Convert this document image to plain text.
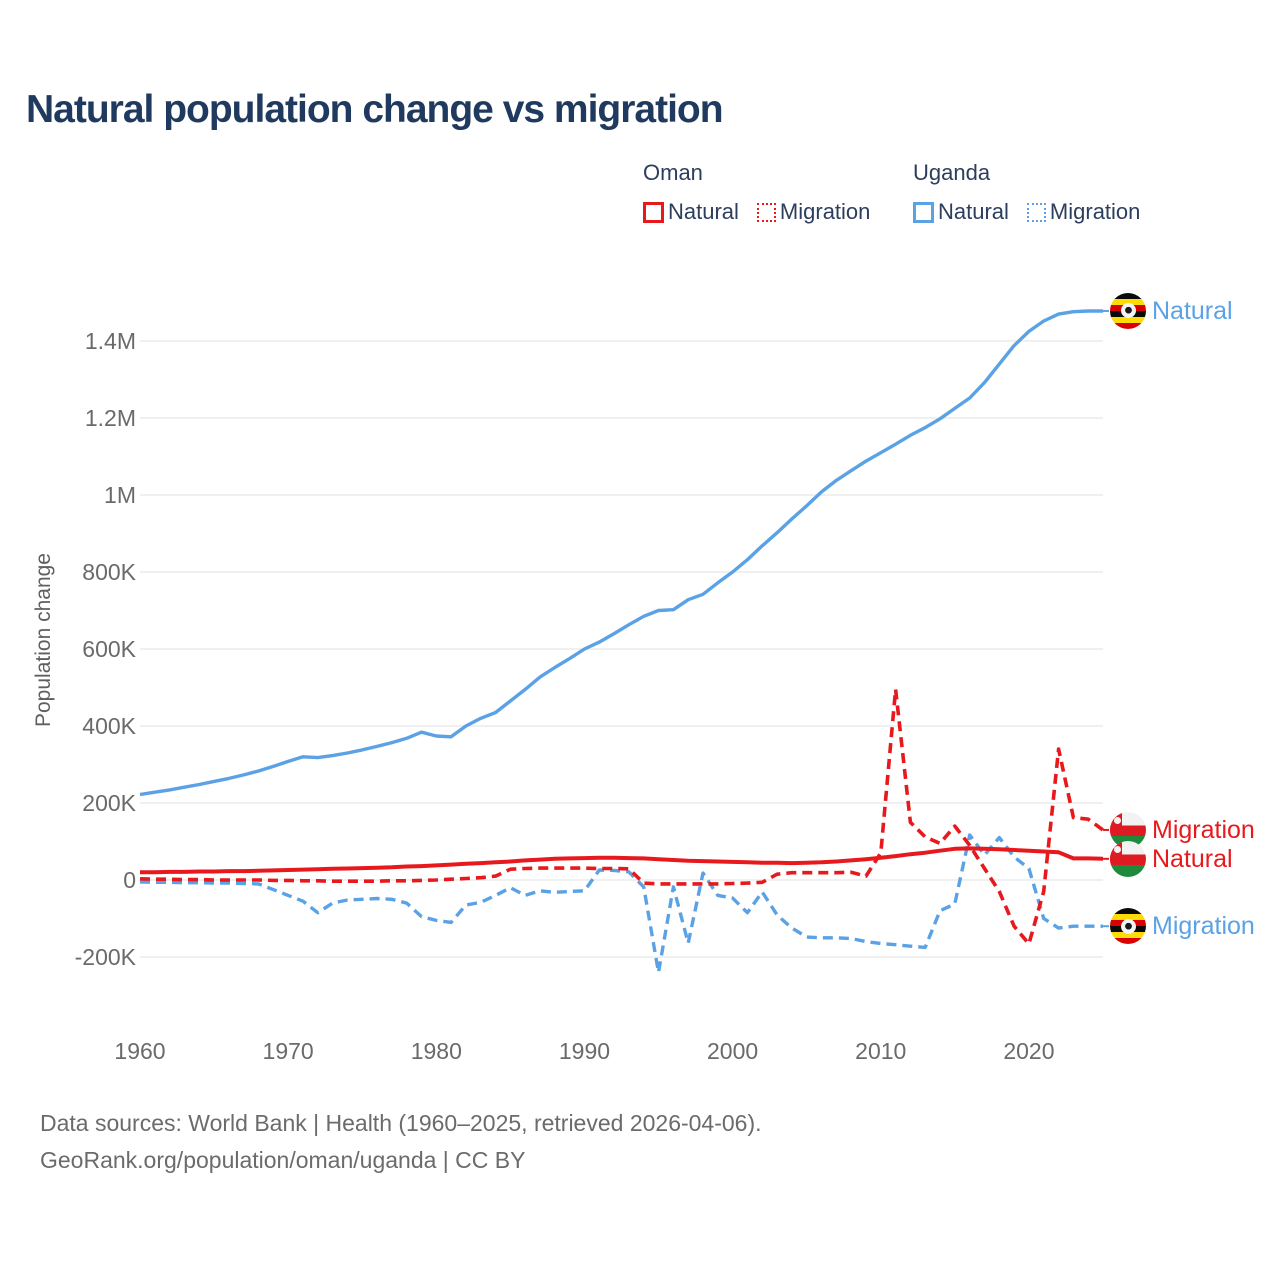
Natural population change vs migration
Population change
Oman
Natural Migration
Uganda
Natural Migration
1.4M
1.2M
1M
800K
600K
400K
200K
0
-200K
1960	1970	1980	1990	2000	2010	2020
Natural
Migration
Natural
Migration
Data sources: World Bank | Health (1960–2025, retrieved 2026-04-06).
GeoRank.org/population/oman/uganda | CC BY
